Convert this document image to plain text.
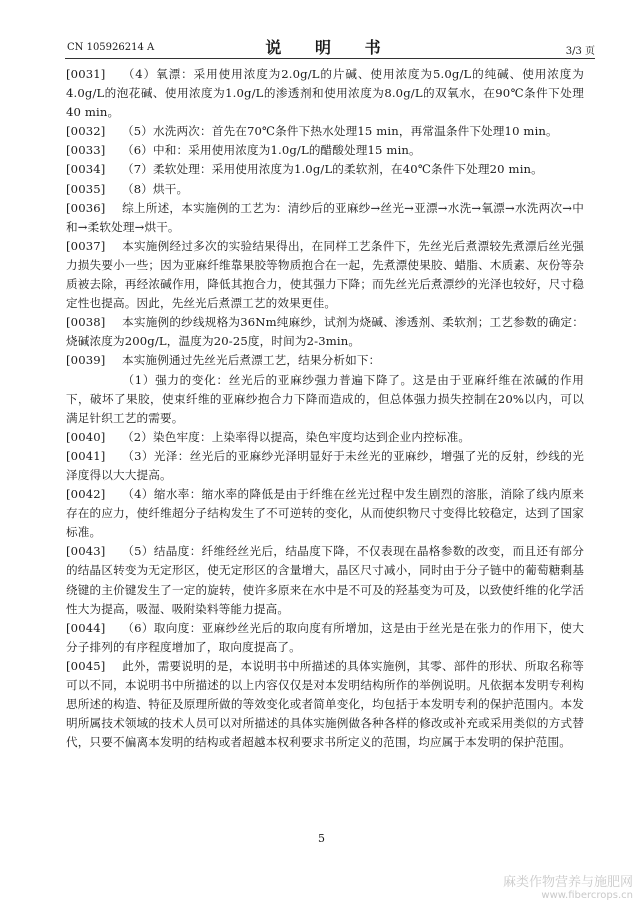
CN 105926214 A	说 明 书	3/3 页

[0031] （4）氧漂：采用使用浓度为2.0g/L的片碱、使用浓度为5.0g/L的纯碱、使用浓度为4.0g/L的泡花碱、使用浓度为1.0g/L的渗透剂和使用浓度为8.0g/L的双氧水，在90℃条件下处理40 min。

[0032] （5）水洗两次：首先在70℃条件下热水处理15 min，再常温条件下处理10 min。

[0033] （6）中和：采用使用浓度为1.0g/L的醋酸处理15 min。

[0034] （7）柔软处理：采用使用浓度为1.0g/L的柔软剂，在40℃条件下处理20 min。

[0035] （8）烘干。

[0036] 综上所述，本实施例的工艺为：清纱后的亚麻纱→丝光→亚漂→水洗→氧漂→水洗两次→中和→柔软处理→烘干。

[0037] 本实施例经过多次的实验结果得出，在同样工艺条件下，先丝光后煮漂较先煮漂后丝光强力损失要小一些；因为亚麻纤维靠果胶等物质抱合在一起，先煮漂使果胶、蜡脂、木质素、灰份等杂质被去除，再经浓碱作用，降低其抱合力，使其强力下降；而先丝光后煮漂纱的光泽也较好，尺寸稳定性也提高。因此，先丝光后煮漂工艺的效果更佳。

[0038] 本实施例的纱线规格为36Nm纯麻纱，试剂为烧碱、渗透剂、柔软剂；工艺参数的确定：烧碱浓度为200g/L，温度为20-25度，时间为2-3min。

[0039] 本实施例通过先丝光后煮漂工艺，结果分析如下：

（1）强力的变化：丝光后的亚麻纱强力普遍下降了。这是由于亚麻纤维在浓碱的作用下，破坏了果胶，使束纤维的亚麻纱抱合力下降而造成的，但总体强力损失控制在20%以内，可以满足针织工艺的需要。

[0040] （2）染色牢度：上染率得以提高，染色牢度均达到企业内控标准。

[0041] （3）光泽：丝光后的亚麻纱光泽明显好于未丝光的亚麻纱，增强了光的反射，纱线的光泽度得以大大提高。

[0042] （4）缩水率：缩水率的降低是由于纤维在丝光过程中发生剧烈的溶胀，消除了线内原来存在的应力，使纤维超分子结构发生了不可逆转的变化，从而使织物尺寸变得比较稳定，达到了国家标准。

[0043] （5）结晶度：纤维经丝光后，结晶度下降，不仅表现在晶格参数的改变，而且还有部分的结晶区转变为无定形区，使无定形区的含量增大，晶区尺寸减小，同时由于分子链中的葡萄糖剩基绕键的主价键发生了一定的旋转，使许多原来在水中是不可及的羟基变为可及，以致使纤维的化学活性大为提高，吸湿、吸附染料等能力提高。

[0044] （6）取向度：亚麻纱丝光后的取向度有所增加，这是由于丝光是在张力的作用下，使大分子排列的有序程度增加了，取向度提高了。

[0045] 此外，需要说明的是，本说明书中所描述的具体实施例，其零、部件的形状、所取名称等可以不同，本说明书中所描述的以上内容仅仅是对本发明结构所作的举例说明。凡依据本发明专利构思所述的构造、特征及原理所做的等效变化或者简单变化，均包括于本发明专利的保护范围内。本发明所属技术领域的技术人员可以对所描述的具体实施例做各种各样的修改或补充或采用类似的方式替代，只要不偏离本发明的结构或者超越本权利要求书所定义的范围，均应属于本发明的保护范围。

5
麻类作物营养与施肥网
www.fibercrops.cn
